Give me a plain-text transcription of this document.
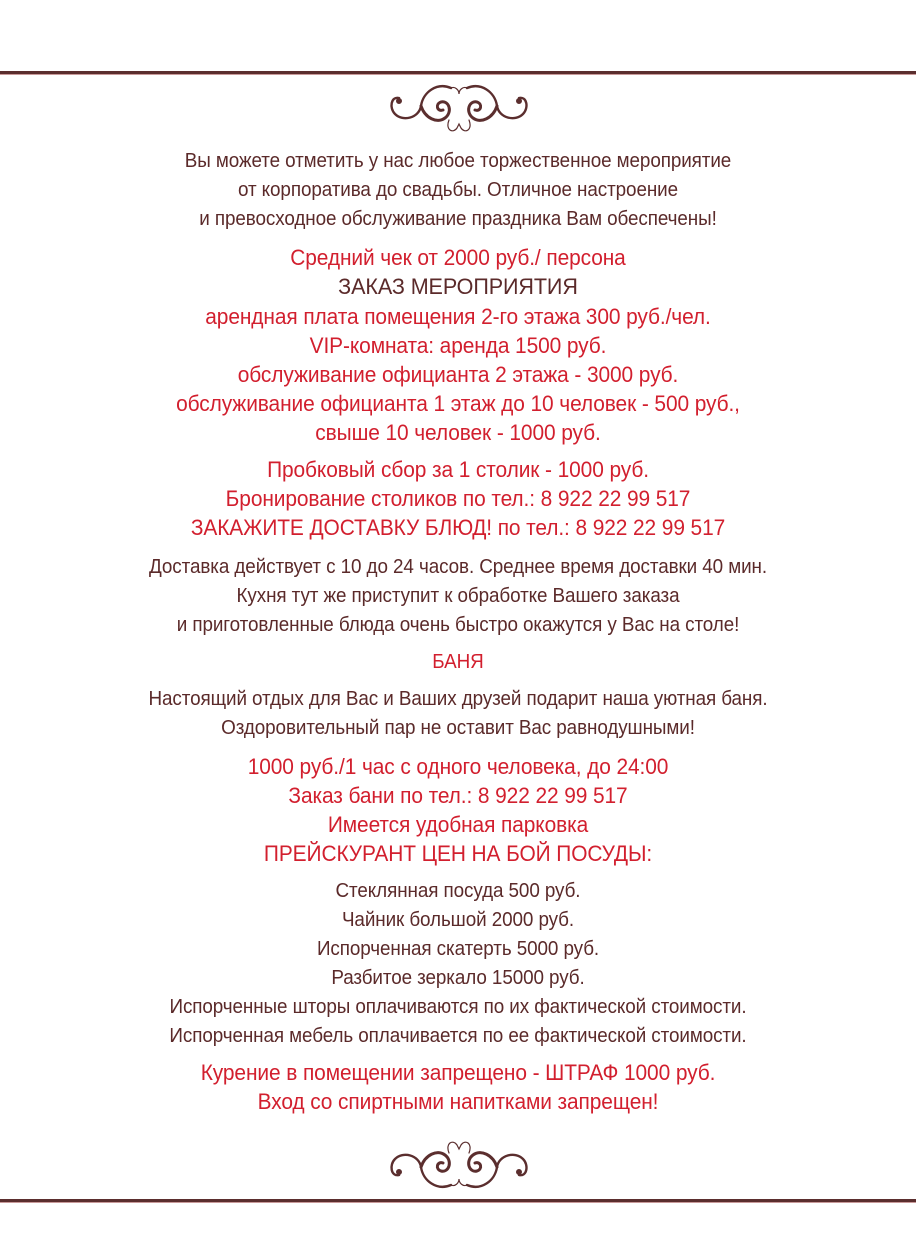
Вы можете отметить у нас любое торжественное мероприятие
от корпоратива до свадьбы. Отличное настроение
и превосходное обслуживание праздника Вам обеспечены!
Средний чек от 2000 руб./ персона
ЗАКАЗ МЕРОПРИЯТИЯ
арендная плата помещения 2-го этажа 300 руб./чел.
VIP-комната: аренда 1500 руб.
обслуживание официанта 2 этажа - 3000 руб.
обслуживание официанта 1 этаж до 10 человек - 500 руб.,
свыше 10 человек - 1000 руб.
Пробковый сбор за 1 столик - 1000 руб.
Бронирование столиков по тел.: 8 922 22 99 517
ЗАКАЖИТЕ ДОСТАВКУ БЛЮД! по тел.: 8 922 22 99 517
Доставка действует с 10 до 24 часов. Среднее время доставки 40 мин.
Кухня тут же приступит к обработке Вашего заказа
и приготовленные блюда очень быстро окажутся у Вас на столе!
БАНЯ
Настоящий отдых для Вас и Ваших друзей подарит наша уютная баня.
Оздоровительный пар не оставит Вас равнодушными!
1000 руб./1 час с одного человека, до 24:00
Заказ бани по тел.: 8 922 22 99 517
Имеется удобная парковка
ПРЕЙСКУРАНТ ЦЕН НА БОЙ ПОСУДЫ:
Стеклянная посуда 500 руб.
Чайник большой 2000 руб.
Испорченная скатерть 5000 руб.
Разбитое зеркало 15000 руб.
Испорченные шторы оплачиваются по их фактической стоимости.
Испорченная мебель оплачивается по ее фактической стоимости.
Курение в помещении запрещено - ШТРАФ 1000 руб.
Вход со спиртными напитками запрещен!
